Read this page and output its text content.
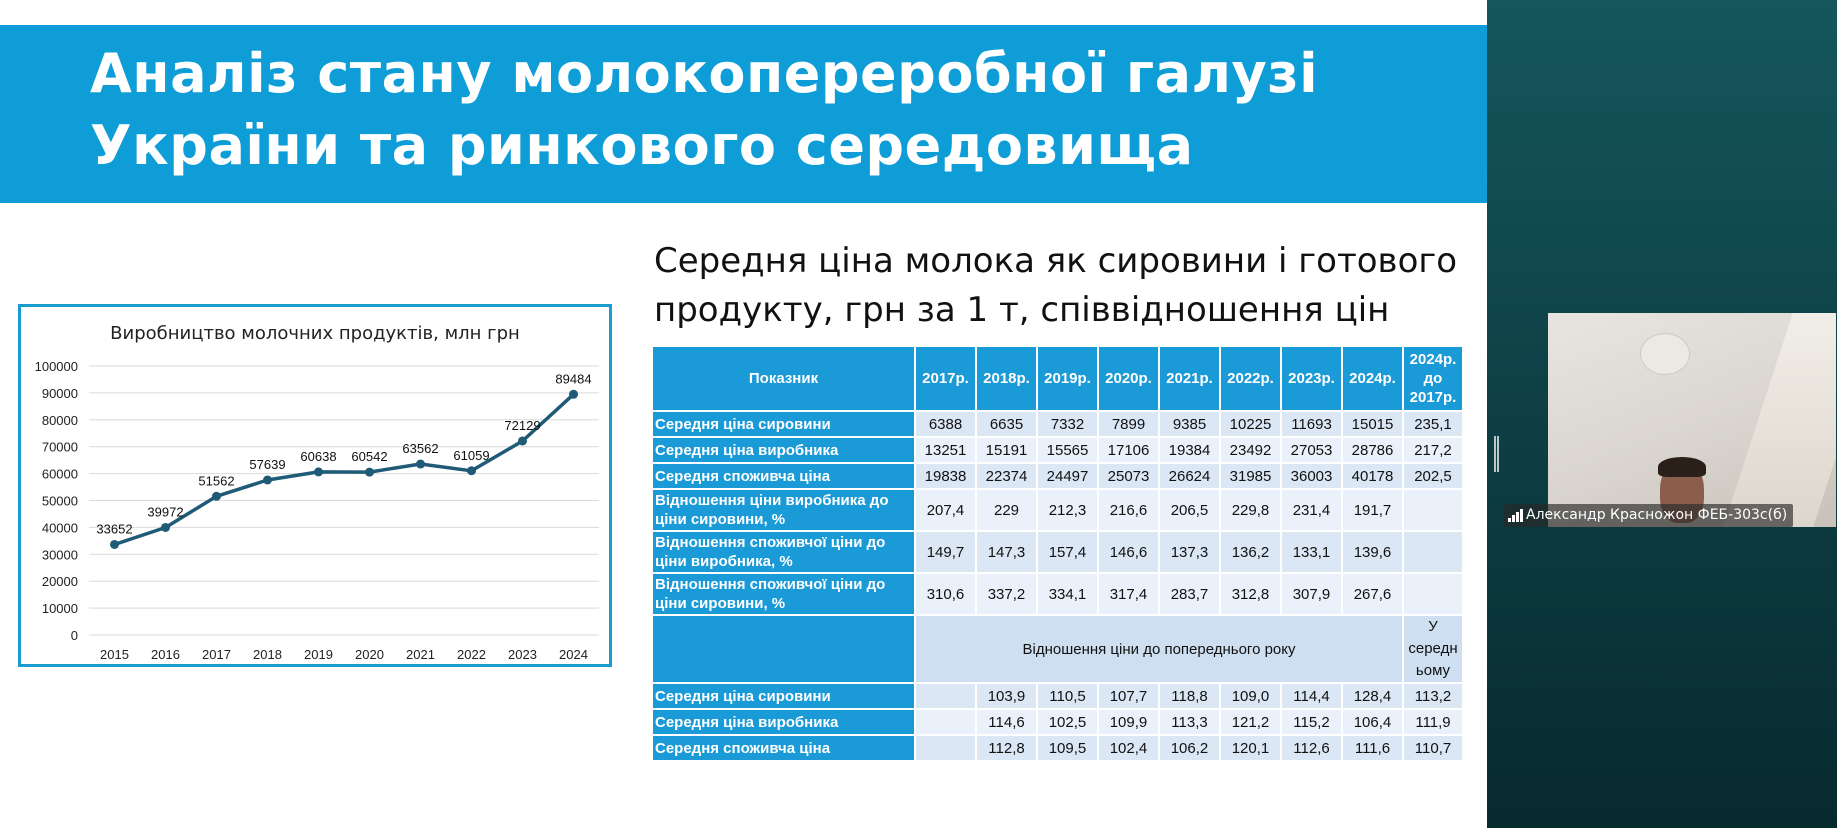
Аналіз стану молокопереробної галузі
України та ринкового середовища
Виробництво молочних продуктів, млн грн
0
10000
20000
30000
40000
50000
60000
70000
80000
90000
100000
2015 2016 2017 2018 2019 2020 2021 2022 2023 2024
33652
39972
51562
57639
60638 60542
63562 61059
72129
89484
Середня ціна молока як сировини і готового
продукту, грн за 1 т, співвідношення цін
Показник	2017р.	2018р.	2019р.	2020р.	2021р.	2022р.	2023р.	2024р.	2024р. до 2017р.
Середня ціна сировини	6388	6635	7332	7899	9385	10225	11693	15015	235,1
Середня ціна виробника	13251	15191	15565	17106	19384	23492	27053	28786	217,2
Середня споживча ціна	19838	22374	24497	25073	26624	31985	36003	40178	202,5
Відношення ціни виробника до ціни сировини, %	207,4	229	212,3	216,6	206,5	229,8	231,4	191,7	
Відношення споживчої ціни до ціни виробника, %	149,7	147,3	157,4	146,6	137,3	136,2	133,1	139,6	
Відношення споживчої ціни до ціни сировини, %	310,6	337,2	334,1	317,4	283,7	312,8	307,9	267,6	
	Відношення ціни до попереднього року								У середн ьому
Середня ціна сировини		103,9	110,5	107,7	118,8	109,0	114,4	128,4	113,2
Середня ціна виробника		114,6	102,5	109,9	113,3	121,2	115,2	106,4	111,9
Середня споживча ціна		112,8	109,5	102,4	106,2	120,1	112,6	111,6	110,7
Александр Красножон ФЕБ-303с(б)
